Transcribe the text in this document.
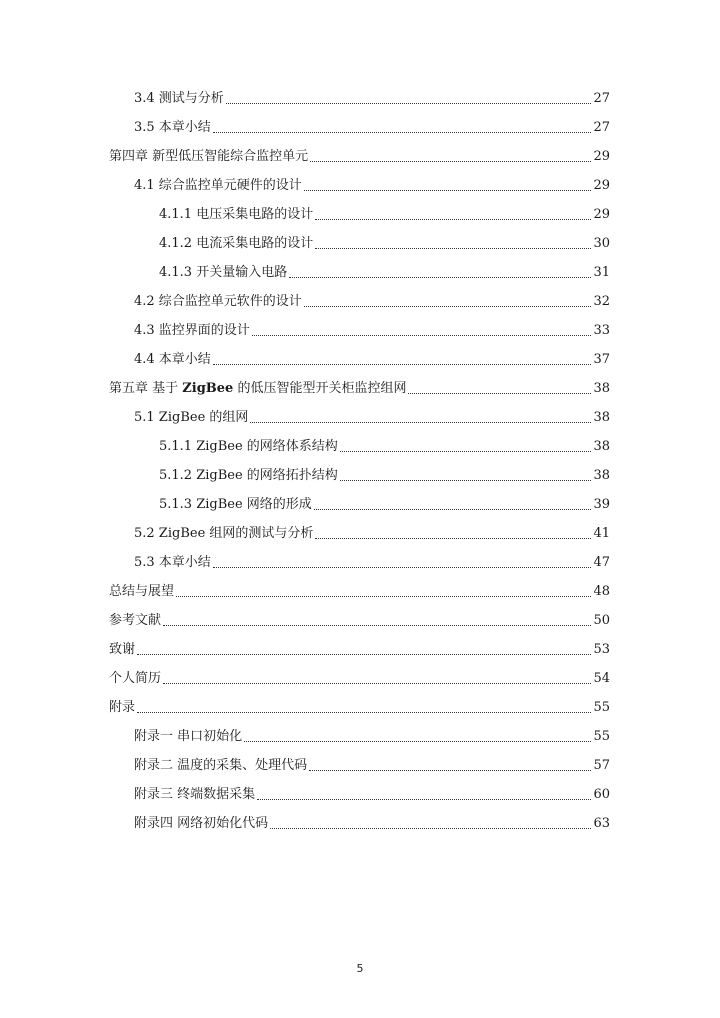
3.4 测试与分析	27
3.5 本章小结	27
第四章 新型低压智能综合监控单元	29
4.1 综合监控单元硬件的设计	29
4.1.1 电压采集电路的设计	29
4.1.2 电流采集电路的设计	30
4.1.3 开关量输入电路	31
4.2 综合监控单元软件的设计	32
4.3 监控界面的设计	33
4.4 本章小结	37
第五章 基于 ZigBee 的低压智能型开关柜监控组网	38
5.1 ZigBee 的组网	38
5.1.1 ZigBee 的网络体系结构	38
5.1.2 ZigBee 的网络拓扑结构	38
5.1.3 ZigBee 网络的形成	39
5.2 ZigBee 组网的测试与分析	41
5.3 本章小结	47
总结与展望	48
参考文献	50
致谢	53
个人简历	54
附录	55
附录一 串口初始化	55
附录二 温度的采集、处理代码	57
附录三 终端数据采集	60
附录四 网络初始化代码	63
5
